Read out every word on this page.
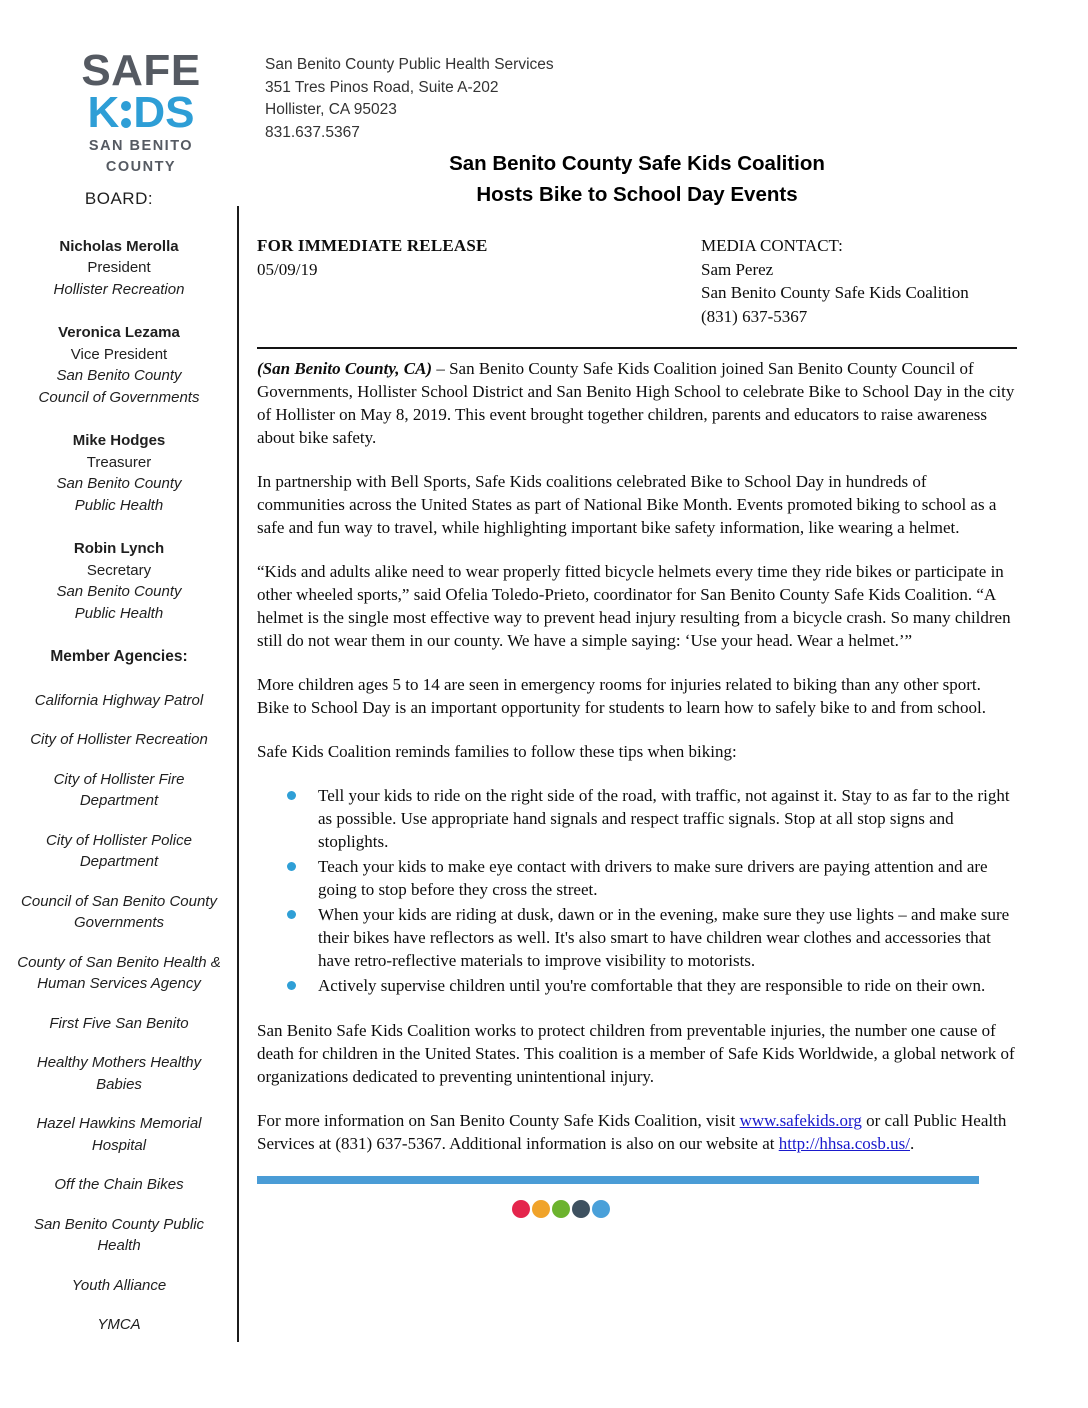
SAFE
K DS
SAN BENITO
COUNTY
San Benito County Public Health Services
351 Tres Pinos Road, Suite A-202
Hollister, CA 95023
831.637.5367
BOARD:
Nicholas Merolla
President
Hollister Recreation
Veronica Lezama
Vice President
San Benito County Council of Governments
Mike Hodges
Treasurer
San Benito County Public Health
Robin Lynch
Secretary
San Benito County Public Health
Member Agencies:
California Highway Patrol
City of Hollister Recreation
City of Hollister Fire Department
City of Hollister Police Department
Council of San Benito County Governments
County of San Benito Health & Human Services Agency
First Five San Benito
Healthy Mothers Healthy Babies
Hazel Hawkins Memorial Hospital
Off the Chain Bikes
San Benito County Public Health
Youth Alliance
YMCA
San Benito County Safe Kids Coalition
Hosts Bike to School Day Events
FOR IMMEDIATE RELEASE
05/09/19
MEDIA CONTACT:
Sam Perez
San Benito County Safe Kids Coalition
(831) 637-5367

(San Benito County, CA) – San Benito County Safe Kids Coalition joined San Benito County Council of Governments, Hollister School District and San Benito High School to celebrate Bike to School Day in the city of Hollister on May 8, 2019. This event brought together children, parents and educators to raise awareness about bike safety.

In partnership with Bell Sports, Safe Kids coalitions celebrated Bike to School Day in hundreds of communities across the United States as part of National Bike Month. Events promoted biking to school as a safe and fun way to travel, while highlighting important bike safety information, like wearing a helmet.

“Kids and adults alike need to wear properly fitted bicycle helmets every time they ride bikes or participate in other wheeled sports,” said Ofelia Toledo-Prieto, coordinator for San Benito County Safe Kids Coalition. “A helmet is the single most effective way to prevent head injury resulting from a bicycle crash. So many children still do not wear them in our county. We have a simple saying: ‘Use your head. Wear a helmet.’”

More children ages 5 to 14 are seen in emergency rooms for injuries related to biking than any other sport. Bike to School Day is an important opportunity for students to learn how to safely bike to and from school.

Safe Kids Coalition reminds families to follow these tips when biking:

Tell your kids to ride on the right side of the road, with traffic, not against it. Stay to as far to the right as possible. Use appropriate hand signals and respect traffic signals. Stop at all stop signs and stoplights.
Teach your kids to make eye contact with drivers to make sure drivers are paying attention and are going to stop before they cross the street.
When your kids are riding at dusk, dawn or in the evening, make sure they use lights – and make sure their bikes have reflectors as well. It's also smart to have children wear clothes and accessories that have retro-reflective materials to improve visibility to motorists.
Actively supervise children until you're comfortable that they are responsible to ride on their own.

San Benito Safe Kids Coalition works to protect children from preventable injuries, the number one cause of death for children in the United States. This coalition is a member of Safe Kids Worldwide, a global network of organizations dedicated to preventing unintentional injury.

For more information on San Benito County Safe Kids Coalition, visit www.safekids.org or call Public Health Services at (831) 637-5367. Additional information is also on our website at http://hhsa.cosb.us/.
